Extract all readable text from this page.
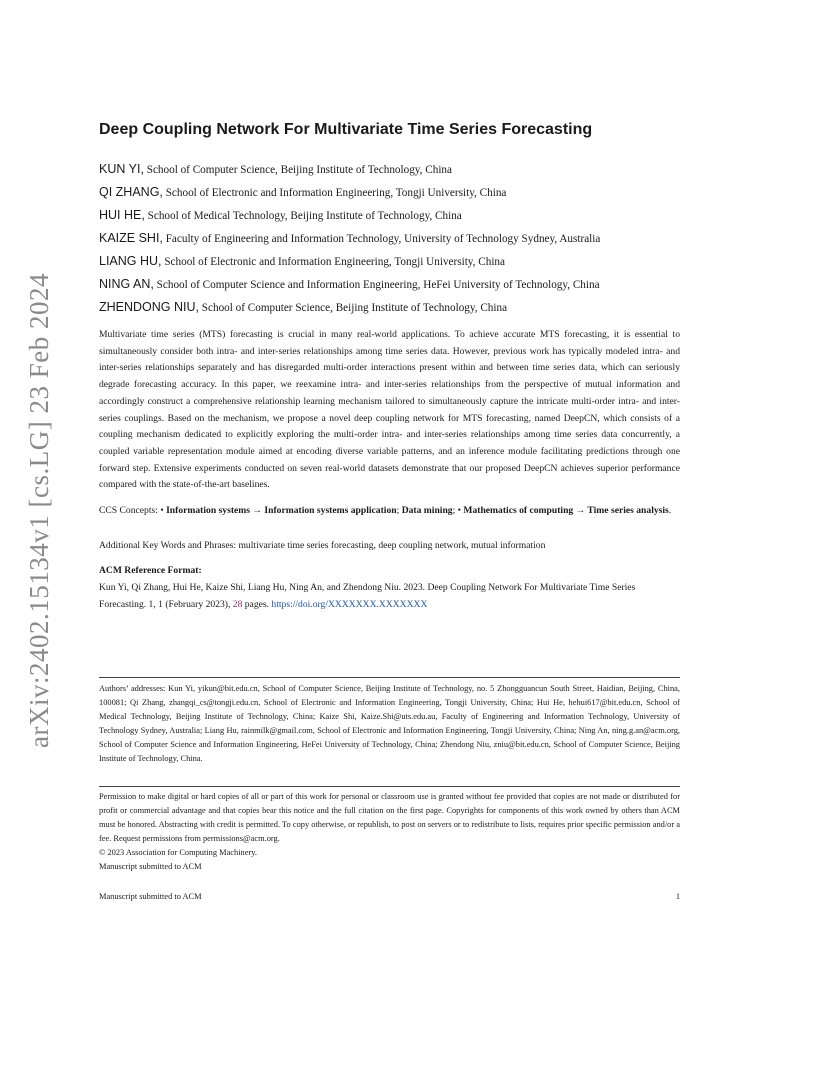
arXiv:2402.15134v1 [cs.LG] 23 Feb 2024
Deep Coupling Network For Multivariate Time Series Forecasting
KUN YI, School of Computer Science, Beijing Institute of Technology, China
QI ZHANG, School of Electronic and Information Engineering, Tongji University, China
HUI HE, School of Medical Technology, Beijing Institute of Technology, China
KAIZE SHI, Faculty of Engineering and Information Technology, University of Technology Sydney, Australia
LIANG HU, School of Electronic and Information Engineering, Tongji University, China
NING AN, School of Computer Science and Information Engineering, HeFei University of Technology, China
ZHENDONG NIU, School of Computer Science, Beijing Institute of Technology, China
Multivariate time series (MTS) forecasting is crucial in many real-world applications. To achieve accurate MTS forecasting, it is essential to simultaneously consider both intra- and inter-series relationships among time series data. However, previous work has typically modeled intra- and inter-series relationships separately and has disregarded multi-order interactions present within and between time series data, which can seriously degrade forecasting accuracy. In this paper, we reexamine intra- and inter-series relationships from the perspective of mutual information and accordingly construct a comprehensive relationship learning mechanism tailored to simultaneously capture the intricate multi-order intra- and inter-series couplings. Based on the mechanism, we propose a novel deep coupling network for MTS forecasting, named DeepCN, which consists of a coupling mechanism dedicated to explicitly exploring the multi-order intra- and inter-series relationships among time series data concurrently, a coupled variable representation module aimed at encoding diverse variable patterns, and an inference module facilitating predictions through one forward step. Extensive experiments conducted on seven real-world datasets demonstrate that our proposed DeepCN achieves superior performance compared with the state-of-the-art baselines.
CCS Concepts: • Information systems → Information systems application; Data mining; • Mathematics of computing → Time series analysis.
Additional Key Words and Phrases: multivariate time series forecasting, deep coupling network, mutual information
ACM Reference Format:
Kun Yi, Qi Zhang, Hui He, Kaize Shi, Liang Hu, Ning An, and Zhendong Niu. 2023. Deep Coupling Network For Multivariate Time Series Forecasting. 1, 1 (February 2023), 28 pages. https://doi.org/XXXXXXX.XXXXXXX

Authors’ addresses: Kun Yi, yikun@bit.edu.cn, School of Computer Science, Beijing Institute of Technology, no. 5 Zhongguancun South Street, Haidian, Beijing, China, 100081; Qi Zhang, zhangqi_cs@tongji.edu.cn, School of Electronic and Information Engineering, Tongji University, China; Hui He, hehui617@bit.edu.cn, School of Medical Technology, Beijing Institute of Technology, China; Kaize Shi, Kaize.Shi@uts.edu.au, Faculty of Engineering and Information Technology, University of Technology Sydney, Australia; Liang Hu, rainmilk@gmail.com, School of Electronic and Information Engineering, Tongji University, China; Ning An, ning.g.an@acm.org, School of Computer Science and Information Engineering, HeFei University of Technology, China; Zhendong Niu, zniu@bit.edu.cn, School of Computer Science, Beijing Institute of Technology, China.

Permission to make digital or hard copies of all or part of this work for personal or classroom use is granted without fee provided that copies are not made or distributed for profit or commercial advantage and that copies bear this notice and the full citation on the first page. Copyrights for components of this work owned by others than ACM must be honored. Abstracting with credit is permitted. To copy otherwise, or republish, to post on servers or to redistribute to lists, requires prior specific permission and/or a fee. Request permissions from permissions@acm.org.
© 2023 Association for Computing Machinery.
Manuscript submitted to ACM

Manuscript submitted to ACM	1
